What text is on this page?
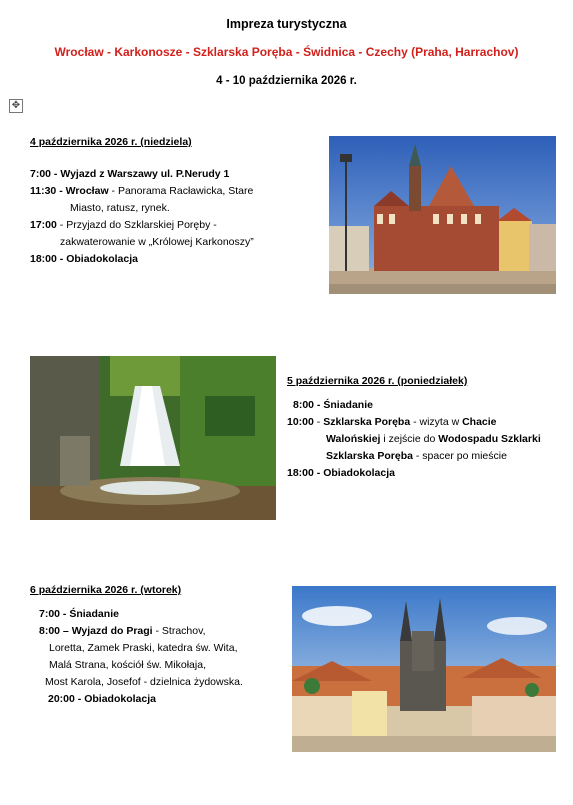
Impreza turystyczna
Wrocław - Karkonosze - Szklarska Poręba - Świdnica - Czechy (Praha, Harrachov)
4 - 10 października 2026 r.
✥
4 października 2026 r. (niedziela)
7:00 - Wyjazd z Warszawy ul. P.Nerudy 1
11:30 - Wrocław - Panorama Racławicka, Stare
Miasto, ratusz, rynek.
17:00 - Przyjazd do Szklarskiej Poręby -
zakwaterowanie w „Królowej Karkonoszy”
18:00 - Obiadokolacja
5 października 2026 r. (poniedziałek)
8:00 - Śniadanie
10:00 - Szklarska Poręba - wizyta w Chacie
Walońskiej i zejście do Wodospadu Szklarki
Szklarska Poręba - spacer po mieście
18:00 - Obiadokolacja
6 października 2026 r. (wtorek)
7:00 - Śniadanie
8:00 – Wyjazd do Pragi - Strachov,
Loretta, Zamek Praski, katedra św. Wita,
Malá Strana, kościół św. Mikołaja,
Most Karola, Josefof - dzielnica żydowska.
20:00 - Obiadokolacja
